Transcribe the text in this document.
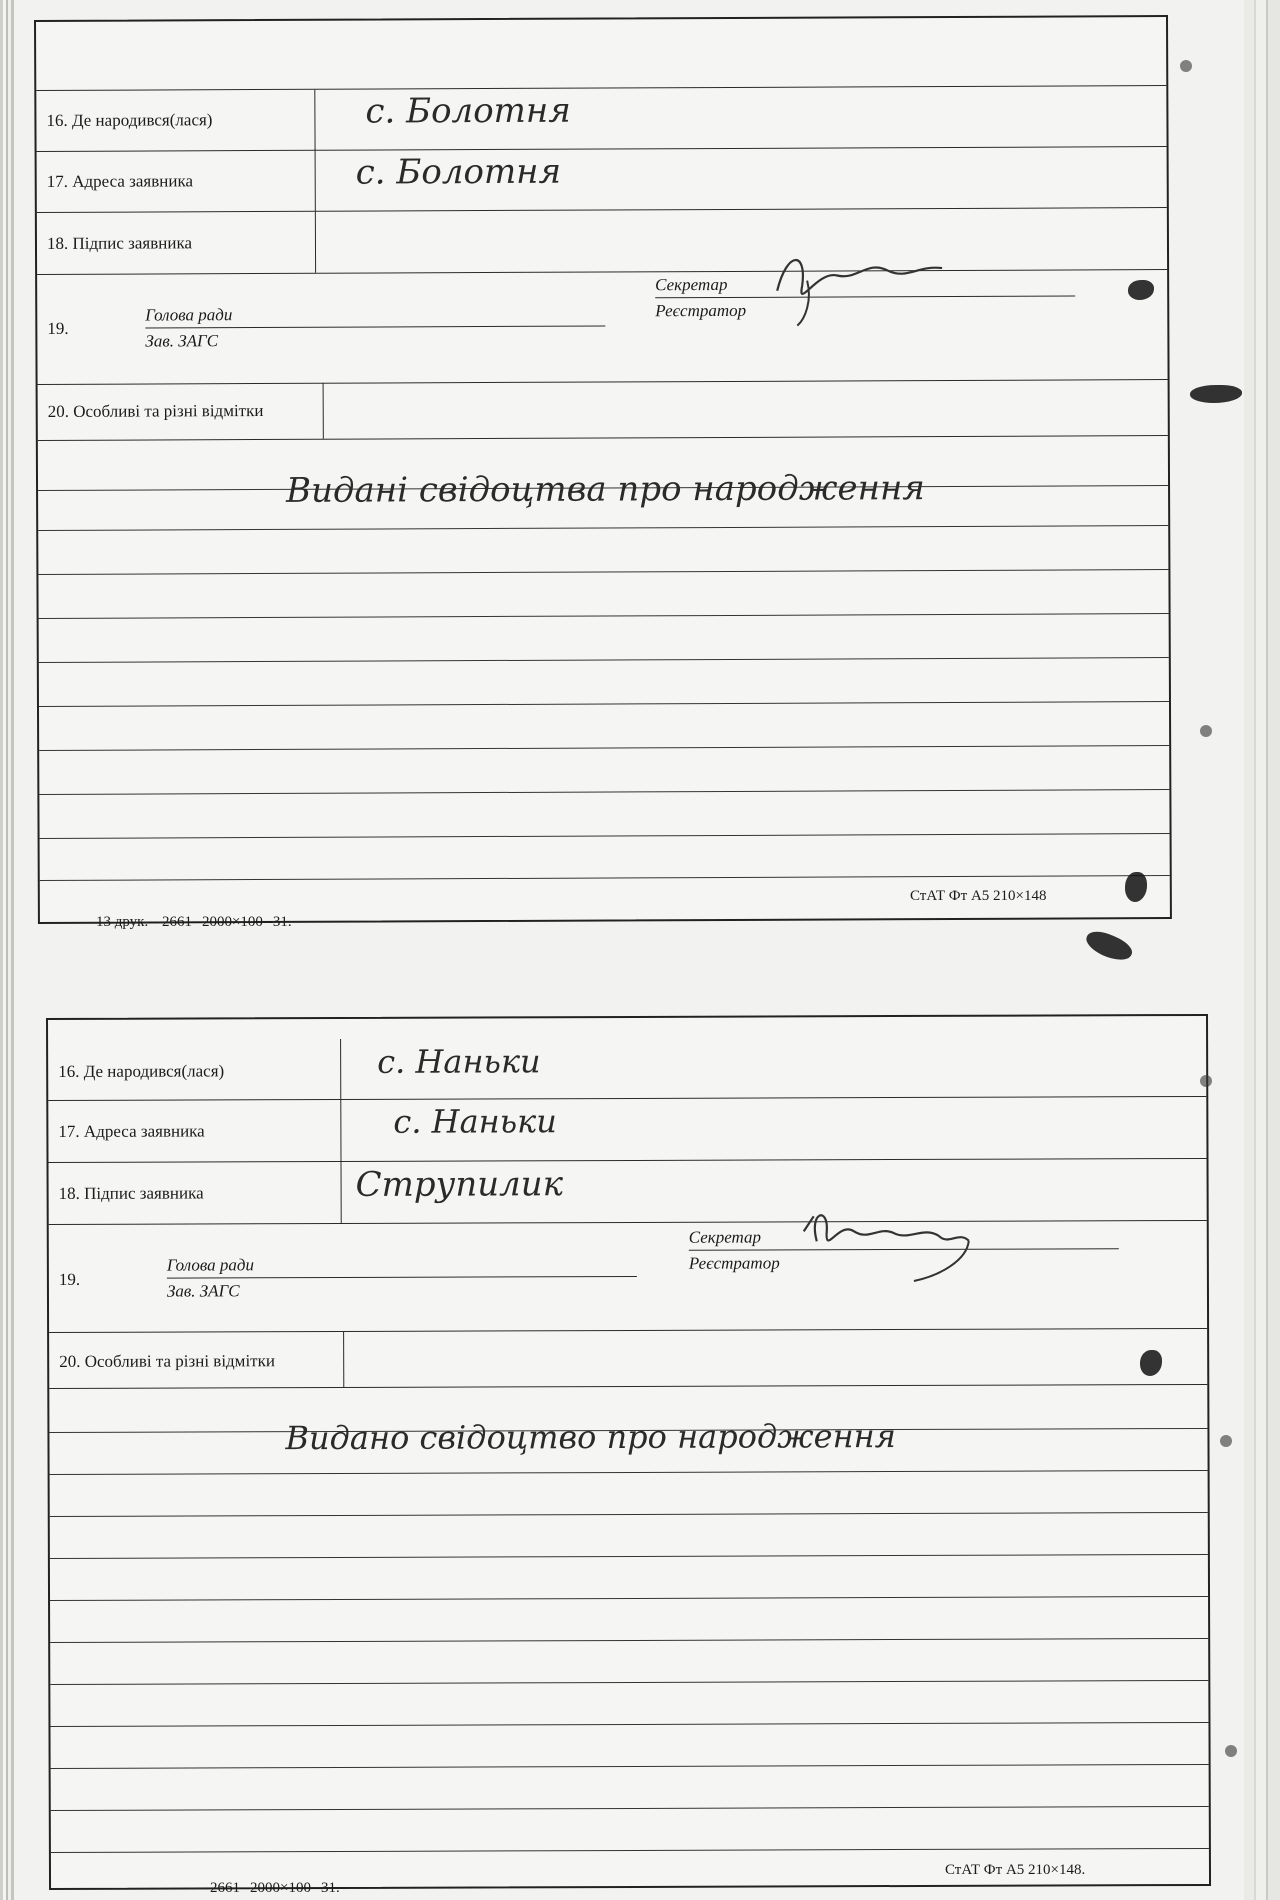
16. Де народився(лася)	с. Болотня
17. Адреса заявника	с. Болотня
18. Підпис заявника
19.
Голова ради
Зав. ЗАГС
Секретар
Реєстратор
20. Особливі та різні відмітки
Видані свідоцтва про народження
СтАТ Фт А5 210×148
13 друк.-- 2661--2000×100--31.
16. Де народився(лася)	с. Наньки
17. Адреса заявника	с. Наньки
18. Підпис заявника	Струпилик
19.
Голова ради
Зав. ЗАГС
Секретар
Реєстратор
20. Особливі та різні відмітки
Видано свідоцтво про народження
СтАТ Фт А5 210×148.
2661--2000×100--31.
